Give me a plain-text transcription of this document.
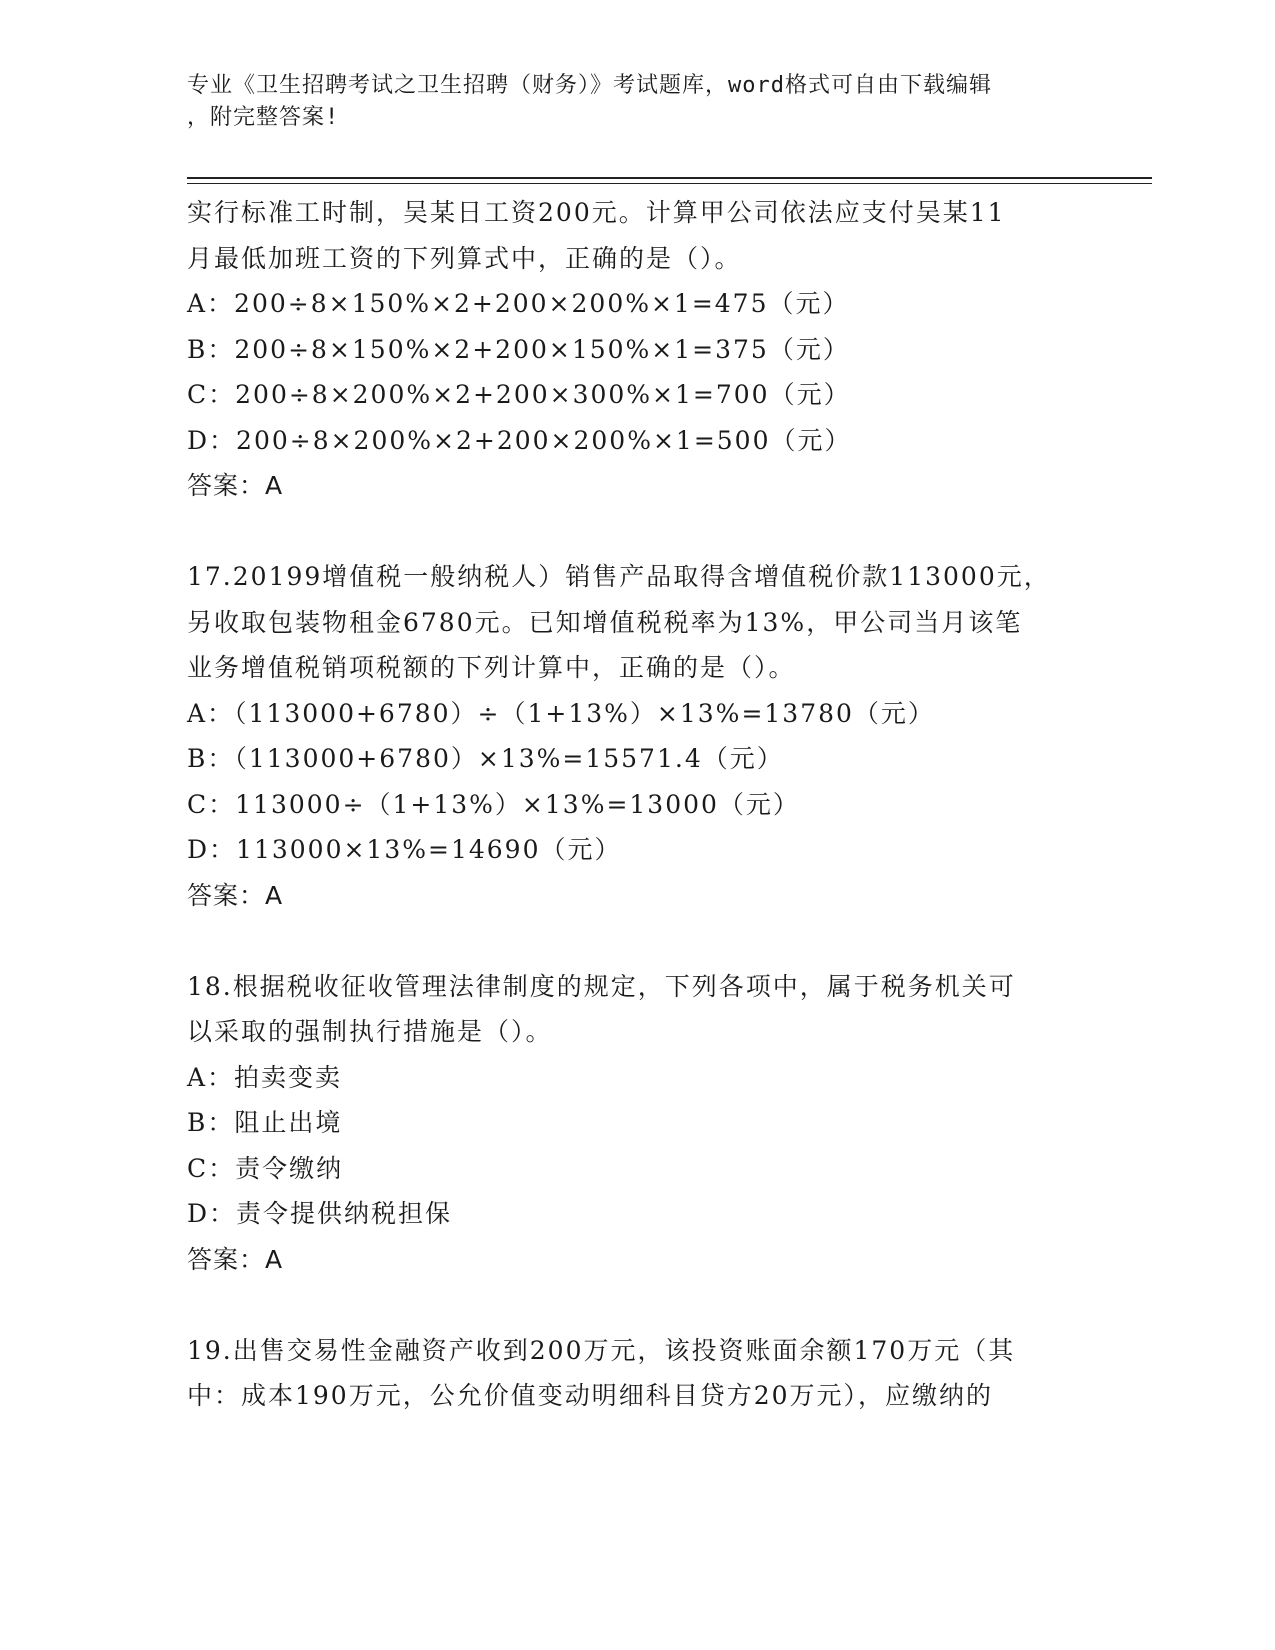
专业《卫生招聘考试之卫生招聘（财务）》考试题库，word格式可自由下载编辑
，附完整答案!
实行标准工时制，吴某日工资200元。计算甲公司依法应支付吴某11
月最低加班工资的下列算式中，正确的是（）。
A：200÷8×150%×2+200×200%×1=475（元）
B：200÷8×150%×2+200×150%×1=375（元）
C：200÷8×200%×2+200×300%×1=700（元）
D：200÷8×200%×2+200×200%×1=500（元）
答案：A
17.20199增值税一般纳税人）销售产品取得含增值税价款113000元，
另收取包装物租金6780元。已知增值税税率为13%，甲公司当月该笔
业务增值税销项税额的下列计算中，正确的是（）。
A：（113000+6780）÷（1+13%）×13%=13780（元）
B：（113000+6780）×13%=15571.4（元）
C：113000÷（1+13%）×13%=13000（元）
D：113000×13%=14690（元）
答案：A
18.根据税收征收管理法律制度的规定，下列各项中，属于税务机关可
以采取的强制执行措施是（）。
A：拍卖变卖
B：阻止出境
C：责令缴纳
D：责令提供纳税担保
答案：A
19.出售交易性金融资产收到200万元，该投资账面余额170万元（其
中：成本190万元，公允价值变动明细科目贷方20万元），应缴纳的
